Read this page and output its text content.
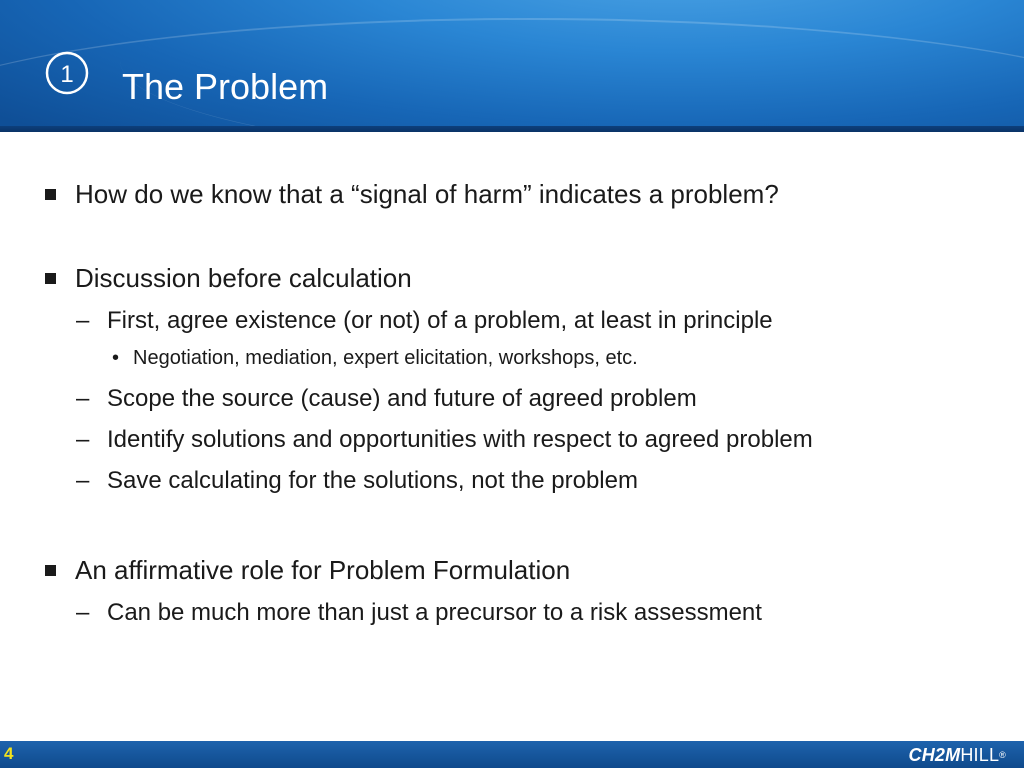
1 The Problem
How do we know that a “signal of harm” indicates a problem?
Discussion before calculation
– First, agree existence (or not) of a problem, at least in principle
• Negotiation, mediation, expert elicitation, workshops, etc.
– Scope the source (cause) and future of agreed problem
– Identify solutions and opportunities with respect to agreed problem
– Save calculating for the solutions, not the problem
An affirmative role for Problem Formulation
– Can be much more than just a precursor to a risk assessment
4	CH2MHILL®
